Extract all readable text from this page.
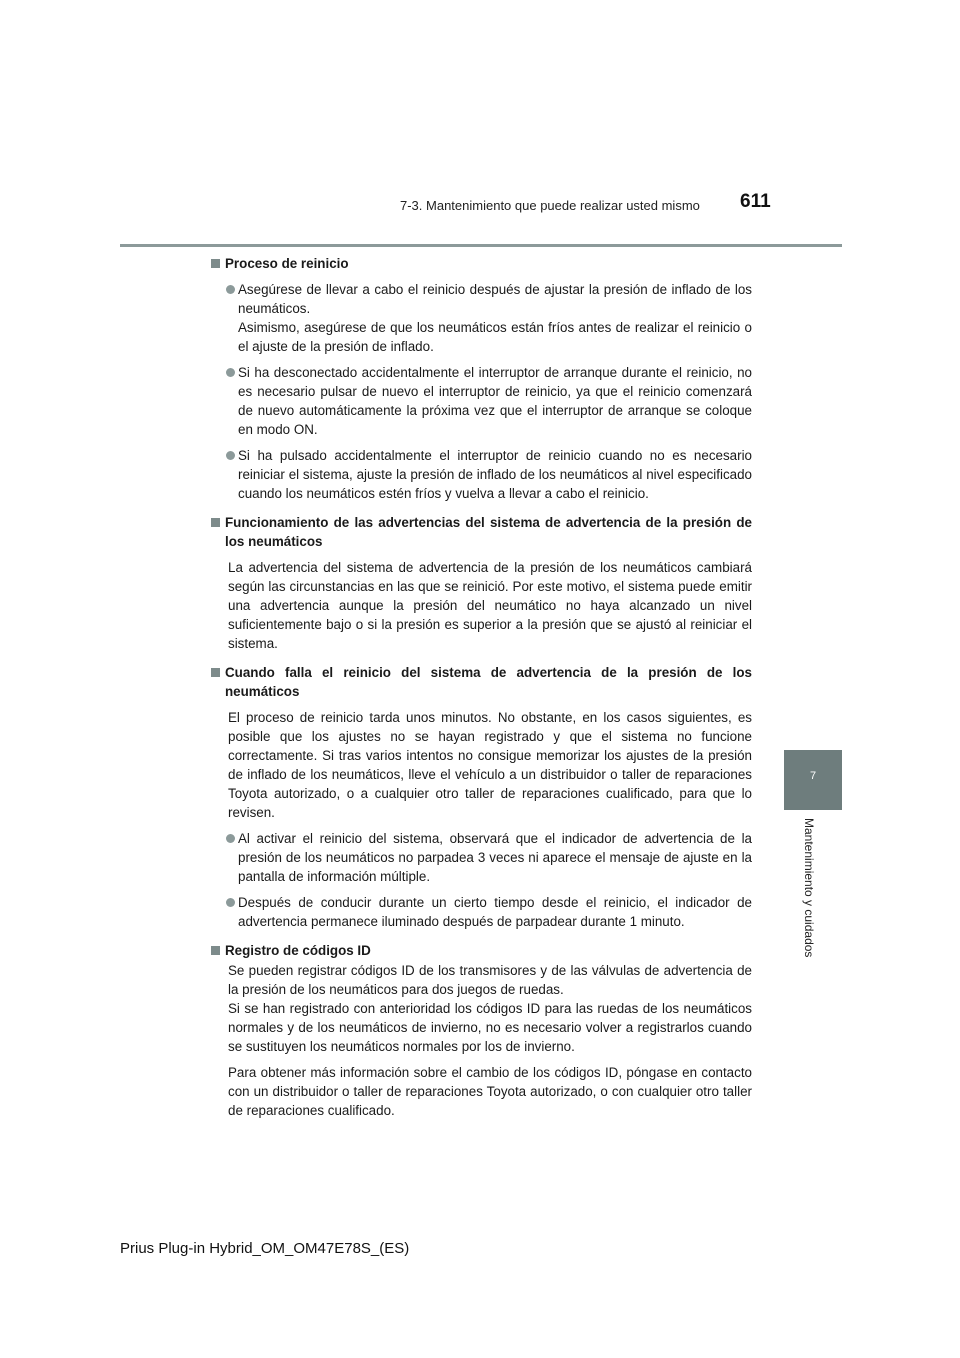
7-3. Mantenimiento que puede realizar usted mismo 611
7
Mantenimiento y cuidados
Proceso de reinicio
Asegúrese de llevar a cabo el reinicio después de ajustar la presión de inflado de los neumáticos.
Asimismo, asegúrese de que los neumáticos están fríos antes de realizar el reinicio o el ajuste de la presión de inflado.
Si ha desconectado accidentalmente el interruptor de arranque durante el reinicio, no es necesario pulsar de nuevo el interruptor de reinicio, ya que el reinicio comenzará de nuevo automáticamente la próxima vez que el interruptor de arranque se coloque en modo ON.
Si ha pulsado accidentalmente el interruptor de reinicio cuando no es necesario reiniciar el sistema, ajuste la presión de inflado de los neumáticos al nivel especificado cuando los neumáticos estén fríos y vuelva a llevar a cabo el reinicio.
Funcionamiento de las advertencias del sistema de advertencia de la presión de los neumáticos
La advertencia del sistema de advertencia de la presión de los neumáticos cambiará según las circunstancias en las que se reinició. Por este motivo, el sistema puede emitir una advertencia aunque la presión del neumático no haya alcanzado un nivel suficientemente bajo o si la presión es superior a la presión que se ajustó al reiniciar el sistema.
Cuando falla el reinicio del sistema de advertencia de la presión de los neumáticos
El proceso de reinicio tarda unos minutos. No obstante, en los casos siguientes, es posible que los ajustes no se hayan registrado y que el sistema no funcione correctamente. Si tras varios intentos no consigue memorizar los ajustes de la presión de inflado de los neumáticos, lleve el vehículo a un distribuidor o taller de reparaciones Toyota autorizado, o a cualquier otro taller de reparaciones cualificado, para que lo revisen.
Al activar el reinicio del sistema, observará que el indicador de advertencia de la presión de los neumáticos no parpadea 3 veces ni aparece el mensaje de ajuste en la pantalla de información múltiple.
Después de conducir durante un cierto tiempo desde el reinicio, el indicador de advertencia permanece iluminado después de parpadear durante 1 minuto.
Registro de códigos ID
Se pueden registrar códigos ID de los transmisores y de las válvulas de advertencia de la presión de los neumáticos para dos juegos de ruedas.
Si se han registrado con anterioridad los códigos ID para las ruedas de los neumáticos normales y de los neumáticos de invierno, no es necesario volver a registrarlos cuando se sustituyen los neumáticos normales por los de invierno.
Para obtener más información sobre el cambio de los códigos ID, póngase en contacto con un distribuidor o taller de reparaciones Toyota autorizado, o con cualquier otro taller de reparaciones cualificado.
Prius Plug-in Hybrid_OM_OM47E78S_(ES)
